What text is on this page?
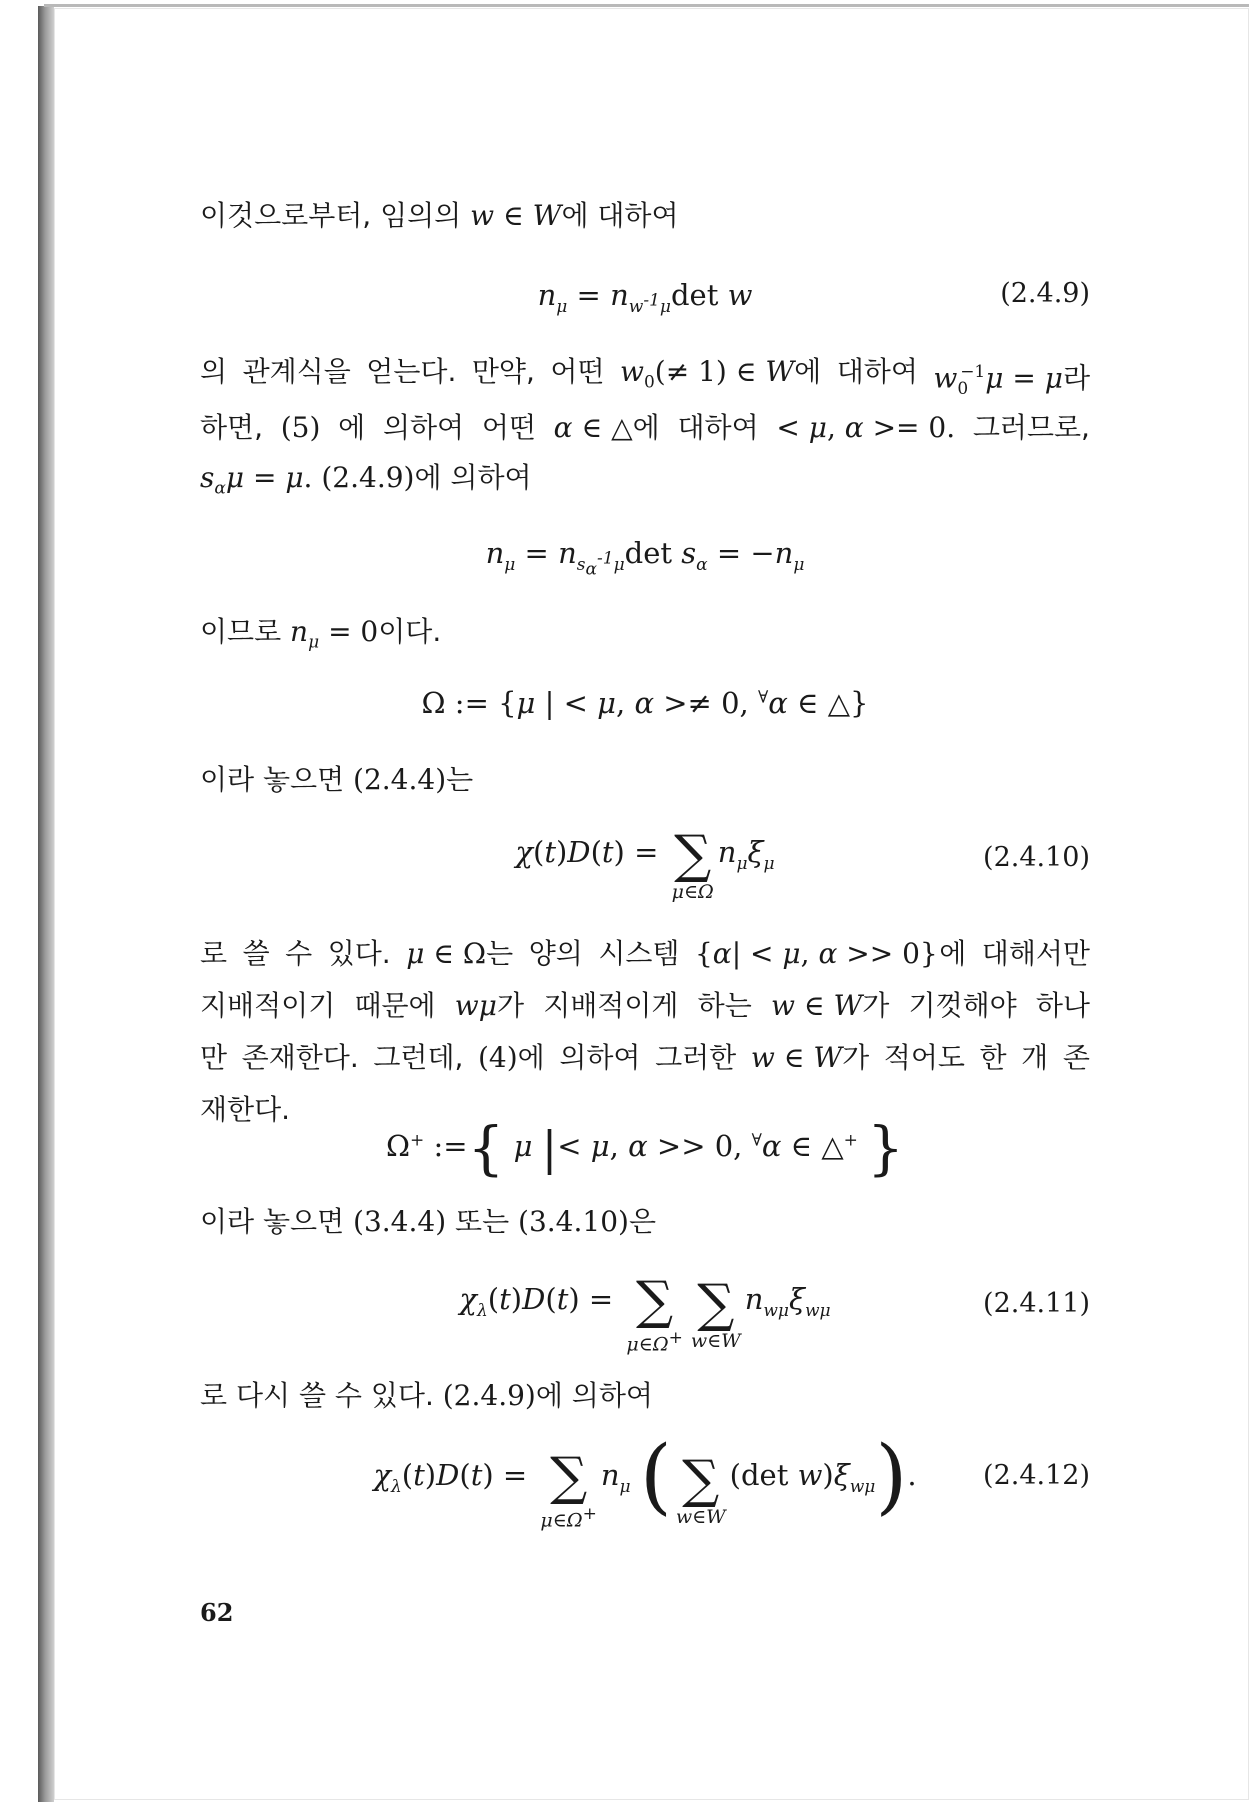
이것으로부터, 임의의 w ∈ W에 대하여
$n_\mu = n_{w^{-1}\mu}\det$ w	(2.4.9)
의 관계식을 얻는다. 만약, 어떤 $w_0(\ne 1)$ ∈ W에 대하여 $w_0^{-1}\mu = \mu$라
하면, (5) 에 의하여 어떤 α ∈ △에 대하여 < μ, α >= 0. 그러므로,
$s_\alpha\mu = \mu$. (2.4.9)에 의하여
$n_\mu = n_{s_\alpha^{-1}\mu}\det$ $s_\alpha = -n_\mu$
이므로 $n_\mu = 0$이다.
Ω := {μ | < μ, α >≠ 0, ∀α ∈ △}
이라 놓으면 (2.4.4)는
χ(t)D(t) = ∑
μ∈Ω
$n_\mu\xi_\mu$	(2.4.10)
로 쓸 수 있다. μ ∈ Ω는 양의 시스템 {α| < μ, α >> 0} 에 대해서만
지배적이기 때문에 wμ가 지배적이게 하는 w ∈ W가 기껏해야 하나
만 존재한다. 그런데, (4)에 의하여 그러한 w ∈ W가 적어도 한 개 존
재한다.
Ω+ :={ μ |< μ, α >> 0, ∀α ∈ △+ }
이라 놓으면 (3.4.4) 또는 (3.4.10)은
$\chi_\lambda(t)D(t)$ = ∑
μ∈Ω+
∑
w∈W
$n_{w\mu}\xi_{w\mu}$	(2.4.11)
로 다시 쓸 수 있다. (2.4.9)에 의하여
$\chi_\lambda(t)D(t)$ = ∑
μ∈Ω+
$n_\mu$ ( ∑
w∈W
(det $w)\xi_{w\mu}$).	(2.4.12)
62
